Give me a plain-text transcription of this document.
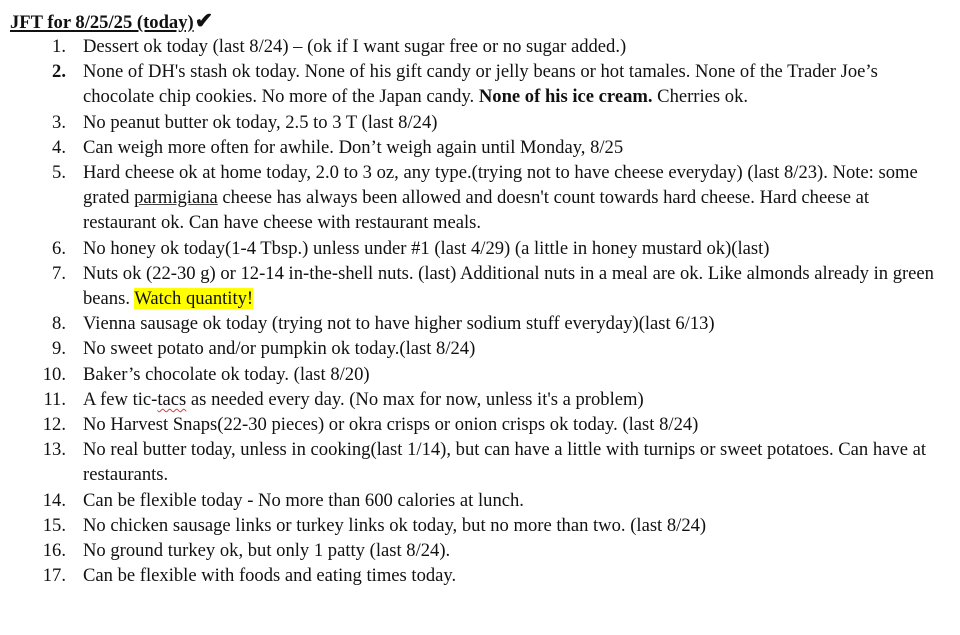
JFT for 8/25/25 (today)✔
1. Dessert ok today (last 8/24) – (ok if I want sugar free or no sugar added.)
2. None of DH's stash ok today. None of his gift candy or jelly beans or hot tamales. None of the Trader Joe’s chocolate chip cookies. No more of the Japan candy. None of his ice cream. Cherries ok.
3. No peanut butter ok today, 2.5 to 3 T (last 8/24)
4. Can weigh more often for awhile. Don’t weigh again until Monday, 8/25
5. Hard cheese ok at home today, 2.0 to 3 oz, any type.(trying not to have cheese everyday) (last 8/23). Note: some grated parmigiana cheese has always been allowed and doesn't count towards hard cheese. Hard cheese at restaurant ok. Can have cheese with restaurant meals.
6. No honey ok today(1-4 Tbsp.) unless under #1 (last 4/29) (a little in honey mustard ok)(last)
7. Nuts ok (22-30 g) or 12-14 in-the-shell nuts. (last) Additional nuts in a meal are ok. Like almonds already in green beans. Watch quantity!
8. Vienna sausage ok today (trying not to have higher sodium stuff everyday)(last 6/13)
9. No sweet potato and/or pumpkin ok today.(last 8/24)
10. Baker’s chocolate ok today. (last 8/20)
11. A few tic-tacs as needed every day. (No max for now, unless it's a problem)
12. No Harvest Snaps(22-30 pieces) or okra crisps or onion crisps ok today. (last 8/24)
13. No real butter today, unless in cooking(last 1/14), but can have a little with turnips or sweet potatoes. Can have at restaurants.
14. Can be flexible today - No more than 600 calories at lunch.
15. No chicken sausage links or turkey links ok today, but no more than two. (last 8/24)
16. No ground turkey ok, but only 1 patty (last 8/24).
17. Can be flexible with foods and eating times today.
